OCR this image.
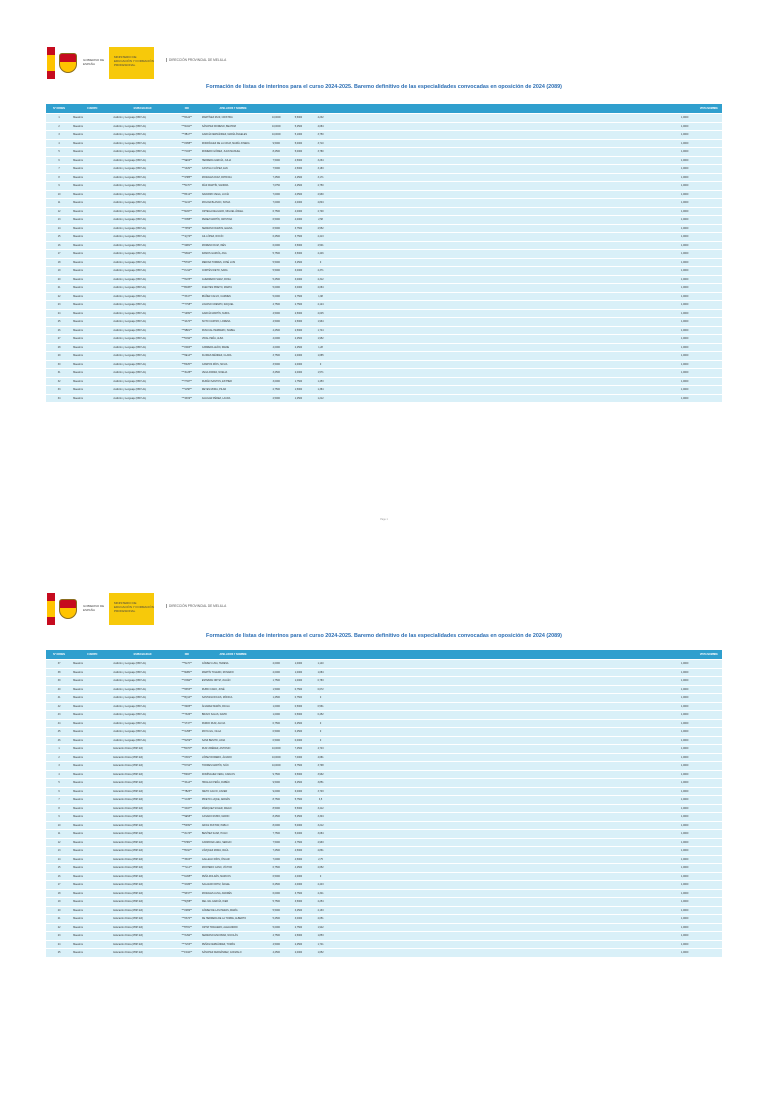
GOBIERNO DE ESPAÑA
MINISTERIO DE EDUCACIÓN Y FORMACIÓN PROFESIONAL
DIRECCIÓN PROVINCIAL DE MELILLA
Formación de listas de interinos para el curso 2024-2025. Baremo definitivo de las especialidades convocadas en oposición de 2024 (2089)
Nº ORDEN	CUERPO	ESPECIALIDAD	DNI	APELLIDOS Y NOMBRE																				VISTA NOMBRE
1	Maestros	Audición y Lenguaje (0597-AL)	***8A42**	MARTÍNEZ RUIZ, CRISTINA	10,0000	5,5000	4,232																1,0000	
2	Maestros	Audición y Lenguaje (0597-AL)	***6G91**	SÁNCHEZ MORENO, BEATRIZ	10,0000	5,2500	4,084																1,0000	
3	Maestros	Audición y Lenguaje (0597-AL)	***3B17**	GARCÍA FERNÁNDEZ, MARÍA ÁNGELES	10,0000	5,1000	3,750																1,0000	
4	Maestros	Audición y Lenguaje (0597-AL)	***2D58**	RODRÍGUEZ DE LA CRUZ, MARÍA JOSEFA	9,5000	5,0000	3,710																1,0000	
5	Maestros	Audición y Lenguaje (0597-AL)	***7C03**	ROMERO GÓMEZ, JUAN MANUEL	8,2500	5,0000	3,780																1,0000	
6	Maestros	Audición y Lenguaje (0597-AL)	***9E66**	HERRERA GARCÍA, JULIA	7,5000	4,5000	3,264																1,0000	
7	Maestros	Audición y Lenguaje (0597-AL)	***1F29**	CASTILLO LÓPEZ, EVA	7,5000	4,5000	3,183																1,0000	
8	Maestros	Audición y Lenguaje (0597-AL)	***4H85**	MORALES RUIZ, PATRICIA	7,2500	4,2500	3,171																1,0000	
9	Maestros	Audición y Lenguaje (0597-AL)	***5J70**	DÍAZ MARTÍN, SANDRA	7,0750	4,2500	2,750																1,0000	
10	Maestros	Audición y Lenguaje (0597-AL)	***8K12**	NAVARRO VEGA, LUCÍA	7,0000	4,0500	2,960																1,0000	
11	Maestros	Audición y Lenguaje (0597-AL)	***2L34**	MOLINA BLANCO, SONIA	7,0000	4,0000	2,804																1,0000	
12	Maestros	Audición y Lenguaje (0597-AL)	***6M47**	ORTEGA DELGADO, MIGUEL ÁNGEL	6,7500	4,0000	2,700																1,0000	
13	Maestros	Audición y Lenguaje (0597-AL)	***3N58**	PEREZ MARTÍN, CRISTINA	6,5000	4,0000	2,58																1,0000	
14	Maestros	Audición y Lenguaje (0597-AL)	***7P69**	SERRANO RAMOS, ELENA	6,5000	3,7500	2,552																1,0000	
15	Maestros	Audición y Lenguaje (0597-AL)	***1Q70**	GIL LÓPEZ, ROCÍO	6,2500	3,7500	2,413																1,0000	
16	Maestros	Audición y Lenguaje (0597-AL)	***4R81**	MORENO RUIZ, INÉS	6,0000	3,5000	2,501																1,0000	
17	Maestros	Audición y Lenguaje (0597-AL)	***9S92**	RAMOS GARCÍA, ANA	5,7500	3,5000	2,446																1,0000	
18	Maestros	Audición y Lenguaje (0597-AL)	***5T03**	MEDINA TORRES, JOSÉ LUIS	5,5000	3,2500	0																1,0000	
19	Maestros	Audición y Lenguaje (0597-AL)	***2U14**	CORTÉS NIETO, SARA	5,5000	3,0000	2,371																1,0000	
20	Maestros	Audición y Lenguaje (0597-AL)	***6V25**	GUERRERO SANZ, ROSA	5,2500	3,0000	2,312																1,0000	
21	Maestros	Audición y Lenguaje (0597-AL)	***8W36**	FUENTES PRIETO, MARTA	5,0000	3,0000	2,084																1,0000	
22	Maestros	Audición y Lenguaje (0597-AL)	***3X47**	IBÁÑEZ CALVO, CARMEN	5,0000	2,7500	1,98																1,0000	
23	Maestros	Audición y Lenguaje (0597-AL)	***7Y58**	LOZANO CRESPO, RAQUEL	4,7500	2,7500	2,124																1,0000	
24	Maestros	Audición y Lenguaje (0597-AL)	***1Z69**	GARCÍA MARTÍN, NURIA	4,5000	2,5000	2,045																1,0000	
25	Maestros	Audición y Lenguaje (0597-AL)	***4A70**	SOTO CASTRO, LORENA	4,5000	2,5000	1,964																1,0000	
26	Maestros	Audición y Lenguaje (0597-AL)	***9B81**	PASCUAL HERRERO, ISABEL	4,2500	2,5000	1,744																1,0000	
27	Maestros	Audición y Lenguaje (0597-AL)	***5C92**	VIDAL PEÑA, ALBA	4,0000	2,2500	1,952																1,0000	
28	Maestros	Audición y Lenguaje (0597-AL)	***2D03**	CABRERA LEÓN, IRENE	4,0000	2,2500	1,28																1,0000	
29	Maestros	Audición y Lenguaje (0597-AL)	***6E14**	FLORES MÉNDEZ, CLARA	3,7500	2,0000	1,685																1,0000	
30	Maestros	Audición y Lenguaje (0597-AL)	***8F25**	CAMPOS RÍOS, SILVIA	3,5000	2,0000	0																1,0000	
31	Maestros	Audición y Lenguaje (0597-AL)	***3G36**	VEGA PARRA, NOELIA	3,2500	2,0000	1,571																1,0000	
32	Maestros	Audición y Lenguaje (0597-AL)	***7H47**	DURÁN SANTOS, ESTHER	3,0000	1,7500	1,453																1,0000	
33	Maestros	Audición y Lenguaje (0597-AL)	***1J58**	REYES MORA, PILAR	2,7500	1,5000	1,384																1,0000	
34	Maestros	Audición y Lenguaje (0597-AL)	***4K69**	AGUILAR PÉREZ, LAURA	2,5000	1,2500	1,212																1,0000	
Page 1
GOBIERNO DE ESPAÑA
MINISTERIO DE EDUCACIÓN Y FORMACIÓN PROFESIONAL
DIRECCIÓN PROVINCIAL DE MELILLA
Formación de listas de interinos para el curso 2024-2025. Baremo definitivo de las especialidades convocadas en oposición de 2024 (2089)
Nº ORDEN	CUERPO	ESPECIALIDAD	DNI	APELLIDOS Y NOMBRE																				VISTA NOMBRE
37	Maestros	Audición y Lenguaje (0597-AL)	***5L70**	GÓMEZ LUNA, TERESA	2,0000	1,0000	1,140																1,0000	
38	Maestros	Audición y Lenguaje (0597-AL)	***9M81**	MARTÍN TOLEDO, ROSARIO	2,0000	1,0000	1,084																1,0000	
39	Maestros	Audición y Lenguaje (0597-AL)	***2N92**	ESTEBAN ORTIZ, JULIÁN	1,7500	1,0000	0,783																1,0000	
40	Maestros	Audición y Lenguaje (0597-AL)	***6P03**	RUBIO CANO, JOSÉ	1,5000	0,7500	0,672																1,0000	
41	Maestros	Audición y Lenguaje (0597-AL)	***8Q14**	SANTANA ROJAS, MÓNICA	1,2500	0,7500	0																1,0000	
42	Maestros	Audición y Lenguaje (0597-AL)	***3R25**	ÁLVAREZ MARÍN, PAULA	1,0000	0,5000	0,561																1,0000	
43	Maestros	Audición y Lenguaje (0597-AL)	***7S36**	BRAVO SALAS, DAVID	1,0000	0,5000	0,452																1,0000	
44	Maestros	Audición y Lenguaje (0597-AL)	***1T47**	PARDO RUIZ, ALICIA	0,7500	0,2500	0																1,0000	
45	Maestros	Audición y Lenguaje (0597-AL)	***4U58**	MOYA GIL, OLGA	0,5000	0,2500	0																1,0000	
46	Maestros	Audición y Lenguaje (0597-AL)	***9V69**	SANZ BENITO, LIDIA	0,5000	0,0000	0																1,0000	
1	Maestros	Educación Física (0597-EF)	***5W70**	RUIZ JIMÉNEZ, ANTONIO	10,0000	7,2500	4,743																1,0000	
2	Maestros	Educación Física (0597-EF)	***2X81**	LÓPEZ ROMERO, ÁLVARO	10,0000	7,0000	4,681																1,0000	
3	Maestros	Educación Física (0597-EF)	***6Y92**	TORRES MARTÍN, IVÁN	10,0000	6,7500	3,798																1,0000	
4	Maestros	Educación Física (0597-EF)	***8Z03**	DOMÍNGUEZ VERA, CARLOS	9,7500	6,5000	3,962																1,0000	
5	Maestros	Educación Física (0597-EF)	***3A14**	HIDALGO PEÑA, RUBÉN	9,5000	6,2500	3,851																1,0000	
6	Maestros	Educación Física (0597-EF)	***7B25**	NIETO CALVO, JAVIER	9,0000	6,0000	3,703																1,0000	
7	Maestros	Educación Física (0597-EF)	***1C36**	PRIETO LUQUE, ADRIÁN	8,7500	5,7500	3,5																1,0000	
8	Maestros	Educación Física (0597-EF)	***4D47**	MÁRQUEZ SOLER, DIEGO	8,5000	5,5000	3,412																1,0000	
9	Maestros	Educación Física (0597-EF)	***9E58**	CASADO RUBIO, MARIO	8,2500	5,2500	3,304																1,0000	
10	Maestros	Educación Física (0597-EF)	***5F69**	ARIAS PASTOR, PABLO	8,0000	5,0000	3,212																1,0000	
11	Maestros	Educación Física (0597-EF)	***2G70**	BENÍTEZ SANZ, HUGO	7,7500	5,0000	3,084																1,0000	
12	Maestros	Educación Física (0597-EF)	***6H81**	CARMONA LARA, SERGIO	7,5000	4,7500	2,963																1,0000	
13	Maestros	Educación Física (0597-EF)	***8J92**	VÁZQUEZ MORA, RAÚL	7,2500	4,5000	2,861																1,0000	
14	Maestros	Educación Física (0597-EF)	***3K03**	GALLEGO RÍOS, ÓSCAR	7,0000	4,5000	2,75																1,0000	
15	Maestros	Educación Física (0597-EF)	***7L14**	MONTERO CANO, VÍCTOR	6,7500	4,2500	2,652																1,0000	
16	Maestros	Educación Física (0597-EF)	***1M25**	PEÑA ROLDÁN, MARCOS	6,5000	4,0000	0																1,0000	
17	Maestros	Educación Física (0597-EF)	***4N36**	SALAZAR ORTIZ, ÁNGEL	6,2500	4,0000	2,443																1,0000	
18	Maestros	Educación Física (0597-EF)	***9P47**	MORALES LUNA, ANDRÉS	6,0000	3,7500	2,341																1,0000	
19	Maestros	Educación Física (0597-EF)	***5Q58**	DEL VAL GARCÍA, IKER	5,7500	3,5000	2,254																1,0000	
20	Maestros	Educación Física (0597-EF)	***2R69**	GÓMEZ DE LAS HERAS, MARÍA	5,5000	3,2500	2,163																1,0000	
21	Maestros	Educación Física (0597-EF)	***6S70**	DE HERRERA DE LA TORRE, ALBERTO	5,2500	3,0000	2,051																1,0000	
22	Maestros	Educación Física (0597-EF)	***8T81**	ORTIZ TRIGUERO, ALEJANDRO	5,0000	2,7500	1,942																1,0000	
23	Maestros	Educación Física (0597-EF)	***3U92**	SERRANO ESCOBAR, NICOLÁS	4,7500	2,5000	1,853																1,0000	
24	Maestros	Educación Física (0597-EF)	***7V03**	PEÑAS FERNÁNDEZ, TOMÁS	4,5000	2,2500	1,741																1,0000	
25	Maestros	Educación Física (0597-EF)	***1W14**	SÁNCHEZ FERNÁNDEZ, GONZALO	4,2500	2,0000	1,652																1,0000	
